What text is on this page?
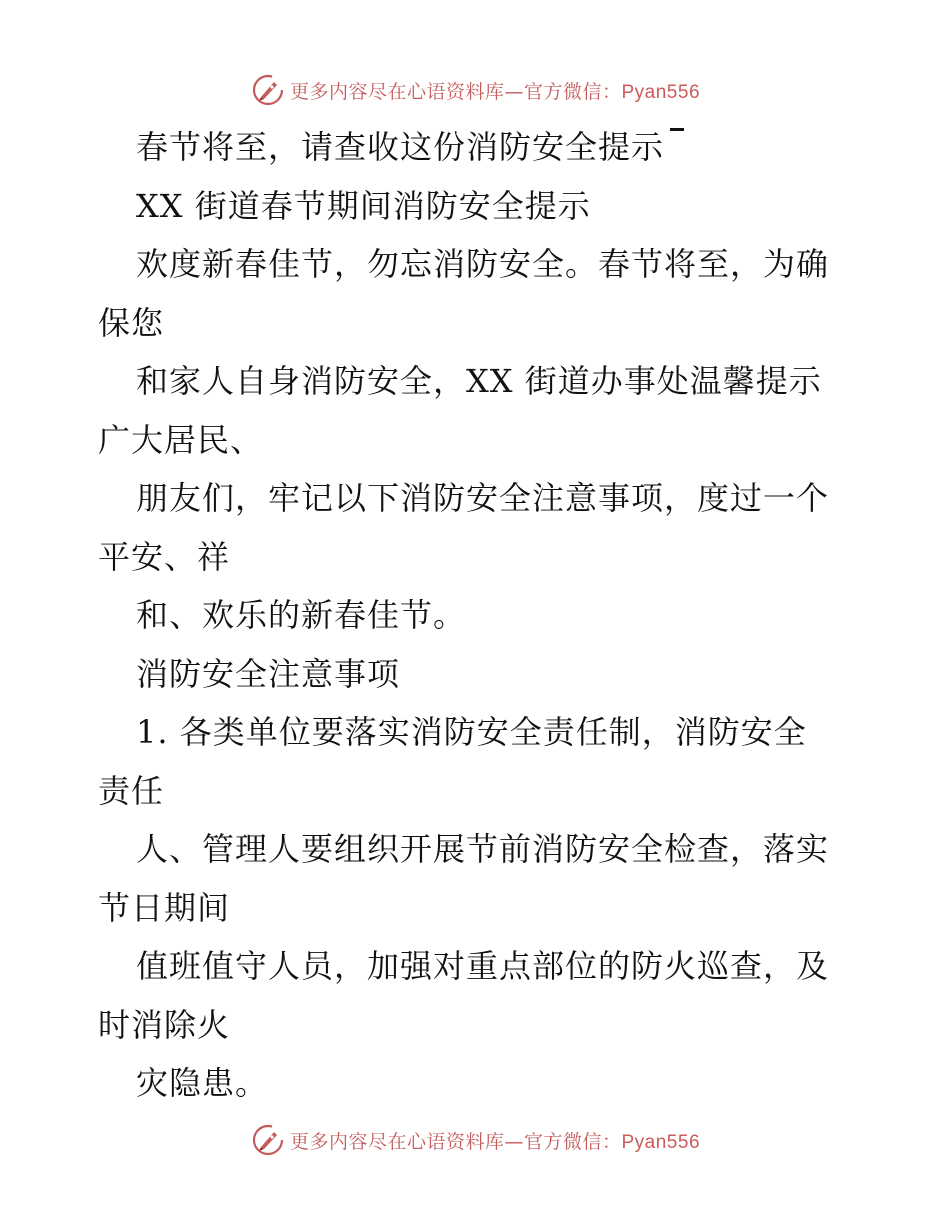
更多内容尽在心语资料库—官方微信：Pyan556
春节将至，请查收这份消防安全提示
XX 街道春节期间消防安全提示
欢度新春佳节，勿忘消防安全。春节将至，为确
保您
和家人自身消防安全，XX 街道办事处温馨提示
广大居民、
朋友们，牢记以下消防安全注意事项，度过一个
平安、祥
和、欢乐的新春佳节。
消防安全注意事项
1. 各类单位要落实消防安全责任制，消防安全
责任
人、管理人要组织开展节前消防安全检查，落实
节日期间
值班值守人员，加强对重点部位的防火巡查，及
时消除火
灾隐患。
更多内容尽在心语资料库—官方微信：Pyan556
